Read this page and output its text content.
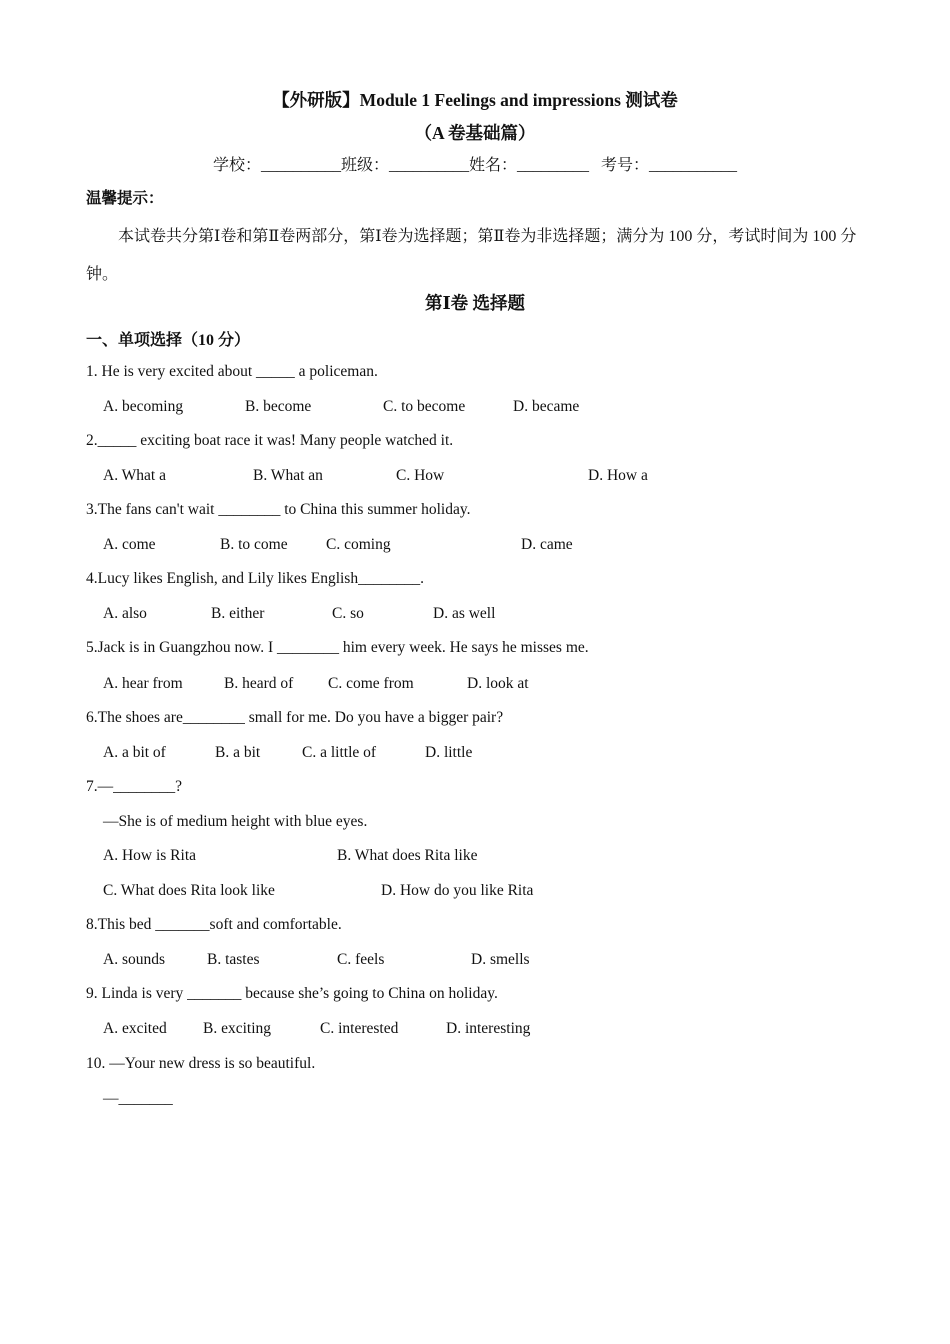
【外研版】Module 1 Feelings and impressions 测试卷
（A 卷基础篇）
学校：__________班级：__________姓名：_________   考号：___________
温馨提示：
本试卷共分第Ⅰ卷和第Ⅱ卷两部分，第Ⅰ卷为选择题；第Ⅱ卷为非选择题；满分为 100 分，考试时间为 100 分钟。
第Ⅰ卷 选择题
一、单项选择（10 分）
1. He is very excited about _____ a policeman.
A. becoming	B. become	C. to become	D. became
2._____ exciting boat race it was! Many people watched it.
A. What a	B. What an	C. How	D. How a
3.The fans can't wait ________ to China this summer holiday.
A. come	B. to come C. coming	D. came
4.Lucy likes English, and Lily likes English________.
A. also	B. either	C. so	D. as well
5.Jack is in Guangzhou now. I ________ him every week. He says he misses me.
A. hear from	B. heard of C. come from	D. look at
6.The shoes are________ small for me. Do you have a bigger pair?
A. a bit of	B. a bit	C. a little of	D. little
7.—________?
—She is of medium height with blue eyes.
A. How is Rita	B. What does Rita like
C. What does Rita look like	D. How do you like Rita
8.This bed _______soft and comfortable.
A. sounds	B. tastes	C. feels	D. smells
9. Linda is very _______ because she’s going to China on holiday.
A. excited B. exciting	C. interested	D. interesting
10. —Your new dress is so beautiful.
—_______
